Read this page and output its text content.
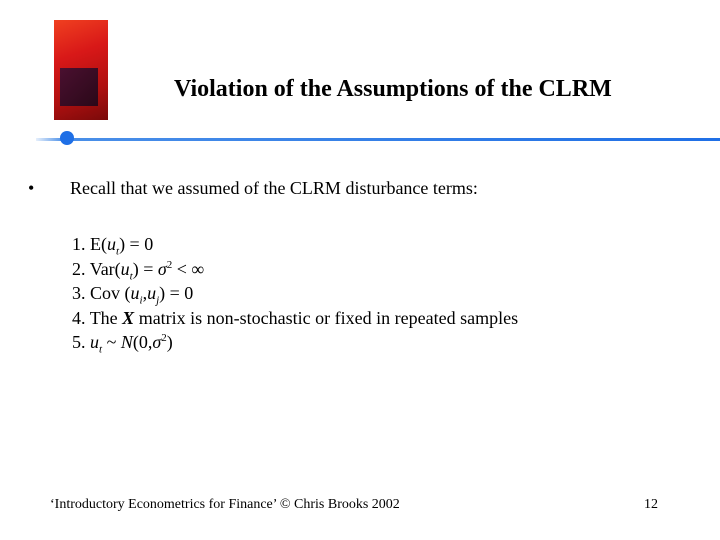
Violation of the Assumptions of the CLRM
• Recall that we assumed of the CLRM disturbance terms:
1. $E(u_t) = 0$
2. $Var(u_t) = \sigma^2$ < ∞
3. Cov $(u_i,u_j) = 0$
4. The X matrix is non-stochastic or fixed in repeated samples
5. $u_t$ ~ $N(0,\sigma^2)$
‘Introductory Econometrics for Finance’ © Chris Brooks 2002	12
